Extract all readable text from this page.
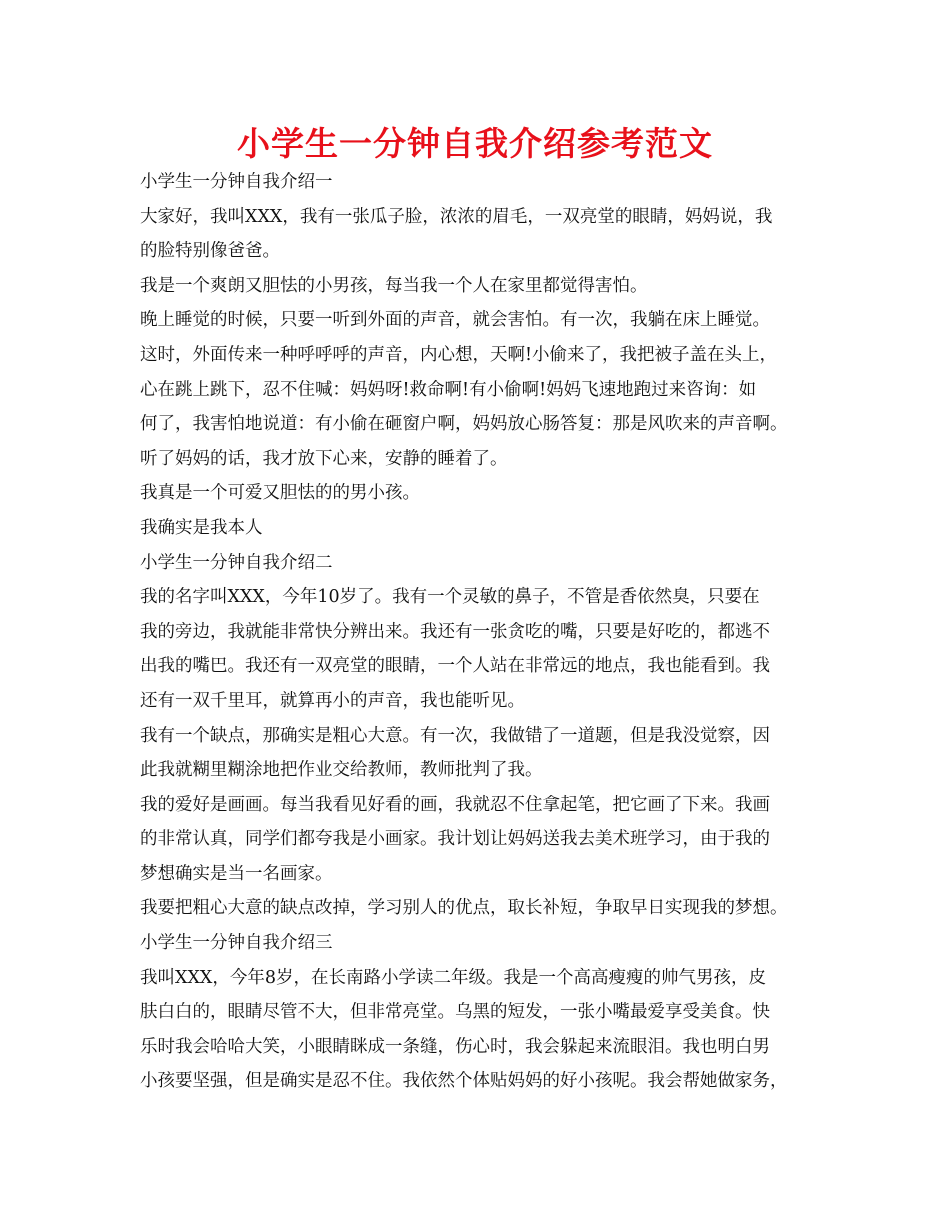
小学生一分钟自我介绍参考范文

小学生一分钟自我介绍一

大家好，我叫XXX，我有一张瓜子脸，浓浓的眉毛，一双亮堂的眼睛，妈妈说，我

的脸特别像爸爸。

我是一个爽朗又胆怯的小男孩，每当我一个人在家里都觉得害怕。

晚上睡觉的时候，只要一听到外面的声音，就会害怕。有一次，我躺在床上睡觉。

这时，外面传来一种呼呼呼的声音，内心想，天啊!小偷来了，我把被子盖在头上，

心在跳上跳下，忍不住喊：妈妈呀!救命啊!有小偷啊!妈妈飞速地跑过来咨询：如

何了，我害怕地说道：有小偷在砸窗户啊，妈妈放心肠答复：那是风吹来的声音啊。

听了妈妈的话，我才放下心来，安静的睡着了。

我真是一个可爱又胆怯的的男小孩。

我确实是我本人

小学生一分钟自我介绍二

我的名字叫XXX，今年10岁了。我有一个灵敏的鼻子，不管是香依然臭，只要在

我的旁边，我就能非常快分辨出来。我还有一张贪吃的嘴，只要是好吃的，都逃不

出我的嘴巴。我还有一双亮堂的眼睛，一个人站在非常远的地点，我也能看到。我

还有一双千里耳，就算再小的声音，我也能听见。

我有一个缺点，那确实是粗心大意。有一次，我做错了一道题，但是我没觉察，因

此我就糊里糊涂地把作业交给教师，教师批判了我。

我的爱好是画画。每当我看见好看的画，我就忍不住拿起笔，把它画了下来。我画

的非常认真，同学们都夸我是小画家。我计划让妈妈送我去美术班学习，由于我的

梦想确实是当一名画家。

我要把粗心大意的缺点改掉，学习别人的优点，取长补短，争取早日实现我的梦想。

小学生一分钟自我介绍三

我叫XXX，今年8岁，在长南路小学读二年级。我是一个高高瘦瘦的帅气男孩，皮

肤白白的，眼睛尽管不大，但非常亮堂。乌黑的短发，一张小嘴最爱享受美食。快

乐时我会哈哈大笑，小眼睛眯成一条缝，伤心时，我会躲起来流眼泪。我也明白男

小孩要坚强，但是确实是忍不住。我依然个体贴妈妈的好小孩呢。我会帮她做家务，
